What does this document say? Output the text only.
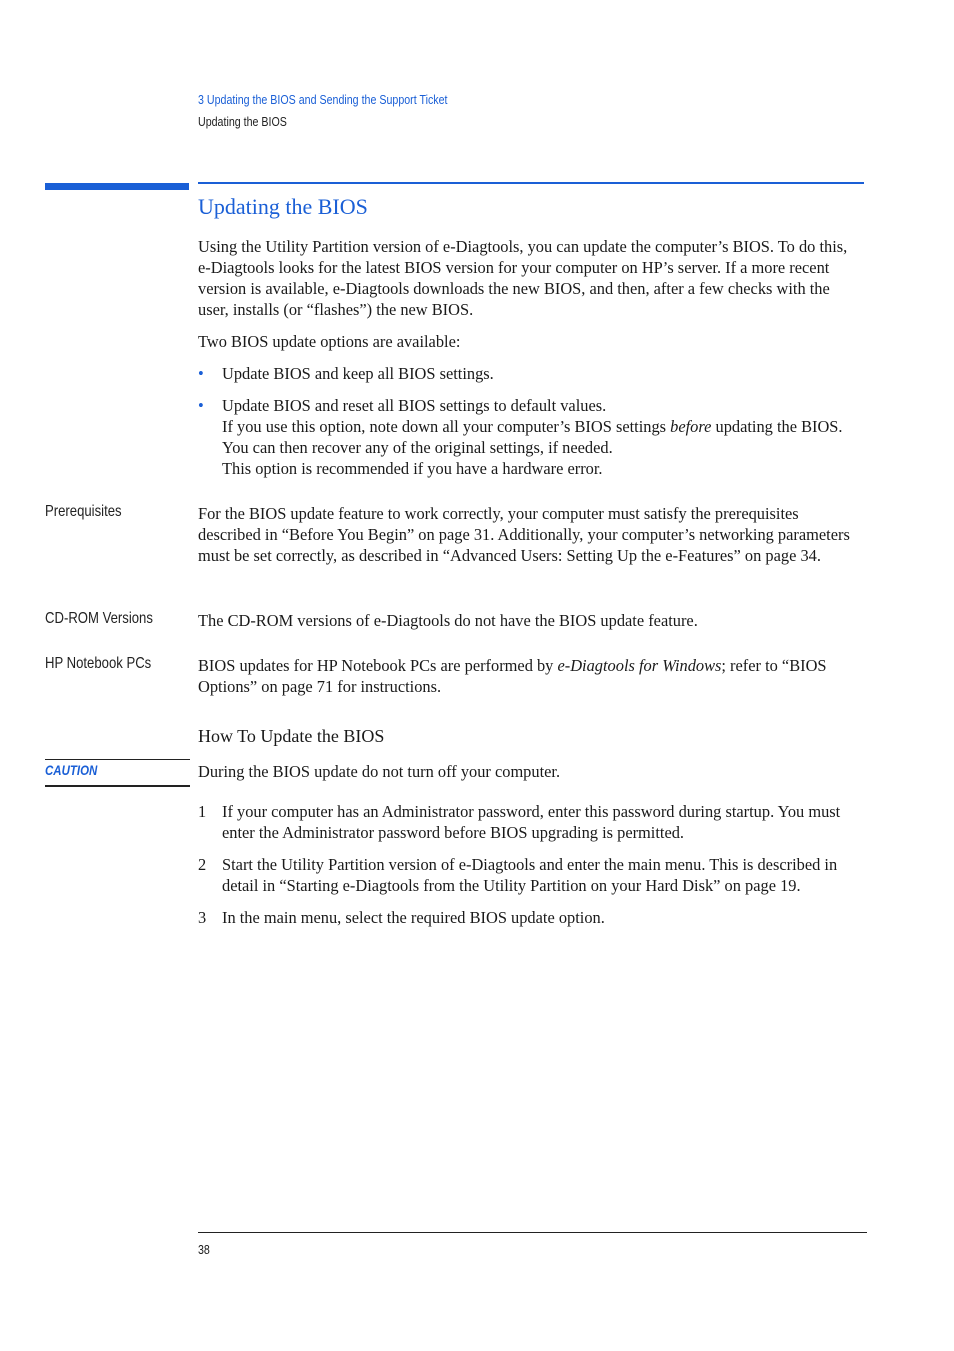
3 Updating the BIOS and Sending the Support Ticket
Updating the BIOS
Updating the BIOS

Using the Utility Partition version of e-Diagtools, you can update the computer’s BIOS. To do this, e-Diagtools looks for the latest BIOS version for your computer on HP’s server. If a more recent version is available, e-Diagtools downloads the new BIOS, and then, after a few checks with the user, installs (or “flashes”) the new BIOS.

Two BIOS update options are available:

• Update BIOS and keep all BIOS settings.
• Update BIOS and reset all BIOS settings to default values.
If you use this option, note down all your computer’s BIOS settings before updating the BIOS. You can then recover any of the original settings, if needed.
This option is recommended if you have a hardware error.
Prerequisites	For the BIOS update feature to work correctly, your computer must satisfy the prerequisites described in “Before You Begin” on page 31. Additionally, your computer’s networking parameters must be set correctly, as described in “Advanced Users: Setting Up the e-Features” on page 34.
CD-ROM Versions	The CD-ROM versions of e-Diagtools do not have the BIOS update feature.
HP Notebook PCs	BIOS updates for HP Notebook PCs are performed by e-Diagtools for Windows; refer to “BIOS Options” on page 71 for instructions.
How To Update the BIOS
CAUTION	During the BIOS update do not turn off your computer.
1 If your computer has an Administrator password, enter this password during startup. You must enter the Administrator password before BIOS upgrading is permitted.
2 Start the Utility Partition version of e-Diagtools and enter the main menu. This is described in detail in “Starting e-Diagtools from the Utility Partition on your Hard Disk” on page 19.
3 In the main menu, select the required BIOS update option.
38
